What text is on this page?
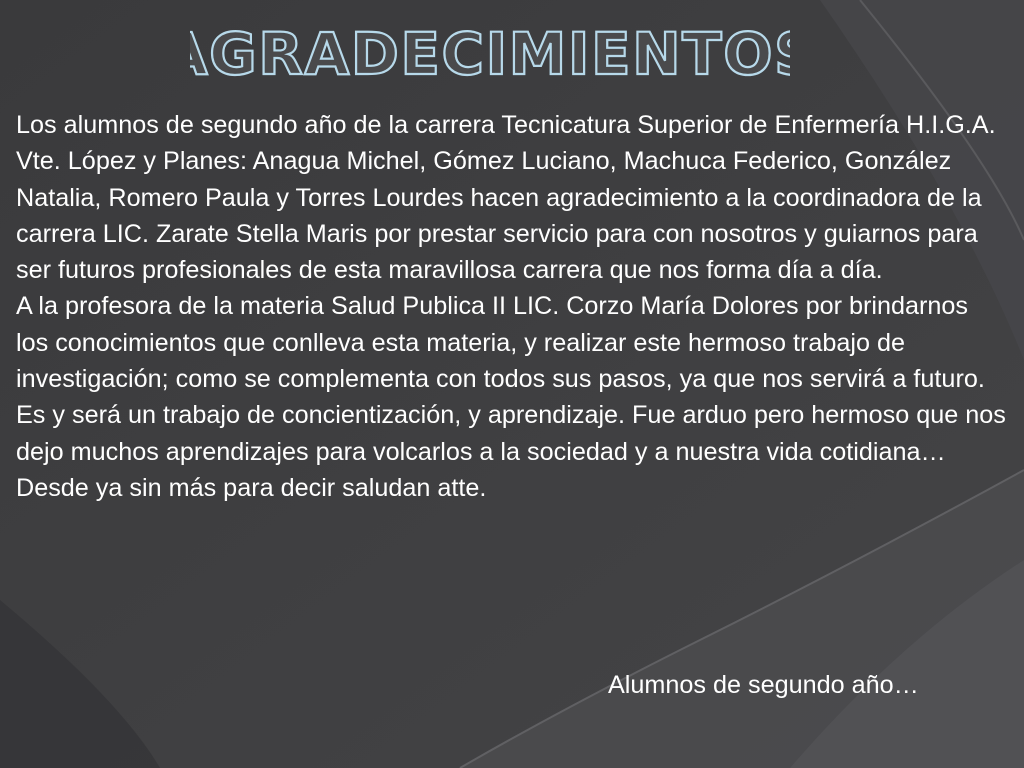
AGRADECIMIENTOS

Los alumnos de segundo año de la carrera Tecnicatura Superior de Enfermería H.I.G.A. Vte. López y Planes: Anagua Michel, Gómez Luciano, Machuca Federico, González Natalia, Romero Paula y Torres Lourdes hacen agradecimiento a la coordinadora de la carrera LIC. Zarate Stella Maris por prestar servicio para con nosotros y guiarnos para ser futuros profesionales de esta maravillosa carrera que nos forma día a día.

A la profesora de la materia Salud Publica II LIC. Corzo María Dolores por brindarnos los conocimientos que conlleva esta materia, y realizar este hermoso trabajo de investigación; como se complementa con todos sus pasos, ya que nos servirá a futuro. Es y será un trabajo de concientización, y aprendizaje. Fue arduo pero hermoso que nos dejo muchos aprendizajes para volcarlos a la sociedad y a nuestra vida cotidiana…

Desde ya sin más para decir saludan atte.

Alumnos de segundo año…
